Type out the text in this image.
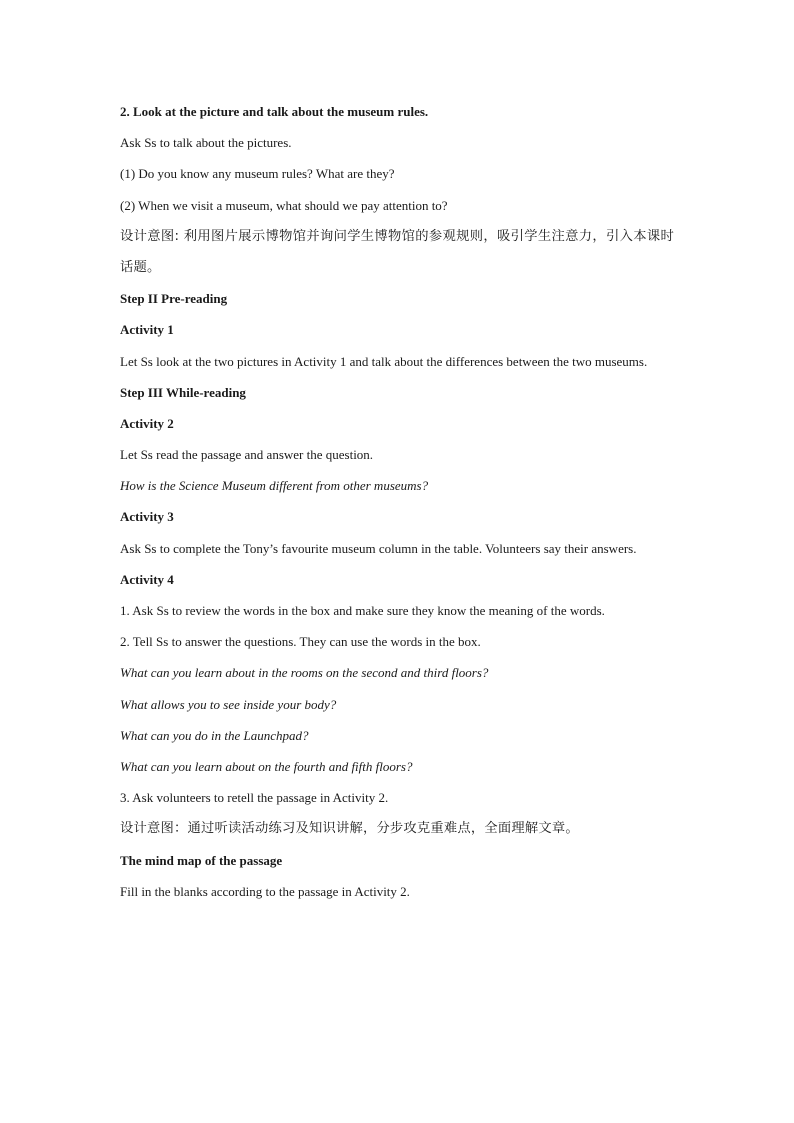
2. Look at the picture and talk about the museum rules.
Ask Ss to talk about the pictures.
(1) Do you know any museum rules? What are they?
(2) When we visit a museum, what should we pay attention to?
设计意图: 利用图片展示博物馆并询问学生博物馆的参观规则，吸引学生注意力，引入本课时话题。
Step II Pre-reading
Activity 1
Let Ss look at the two pictures in Activity 1 and talk about the differences between the two museums.
Step III While-reading
Activity 2
Let Ss read the passage and answer the question.
How is the Science Museum different from other museums?
Activity 3
Ask Ss to complete the Tony’s favourite museum column in the table. Volunteers say their answers.
Activity 4
1. Ask Ss to review the words in the box and make sure they know the meaning of the words.
2. Tell Ss to answer the questions. They can use the words in the box.
What can you learn about in the rooms on the second and third floors?
What allows you to see inside your body?
What can you do in the Launchpad?
What can you learn about on the fourth and fifth floors?
3. Ask volunteers to retell the passage in Activity 2.
设计意图：通过听读活动练习及知识讲解，分步攻克重难点，全面理解文章。
The mind map of the passage
Fill in the blanks according to the passage in Activity 2.
